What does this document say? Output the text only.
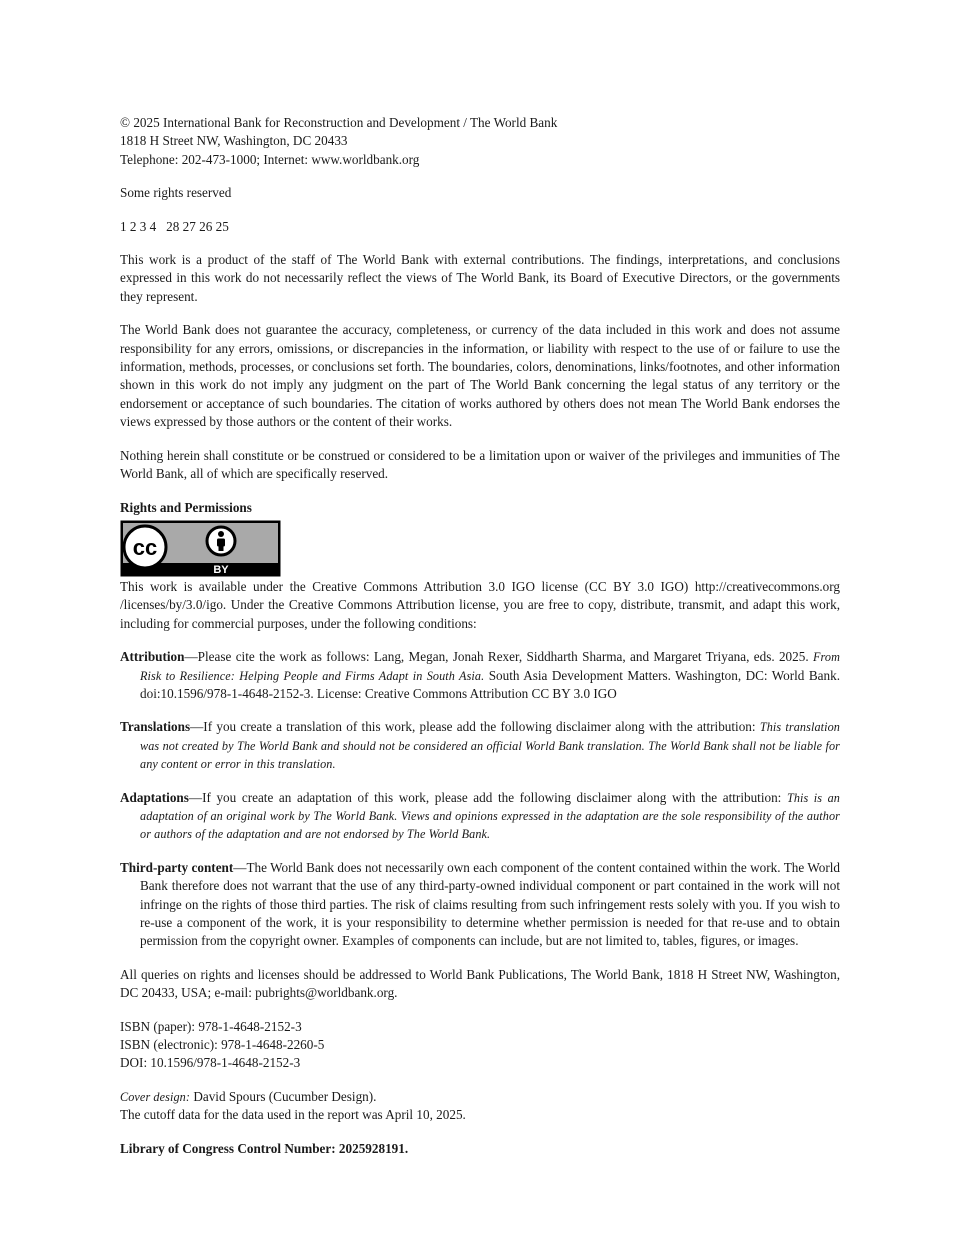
© 2025 International Bank for Reconstruction and Development / The World Bank
1818 H Street NW, Washington, DC 20433
Telephone: 202-473-1000; Internet: www.worldbank.org

Some rights reserved

1 2 3 4   28 27 26 25

This work is a product of the staff of The World Bank with external contributions. The findings, interpretations, and conclusions expressed in this work do not necessarily reflect the views of The World Bank, its Board of Executive Directors, or the governments they represent.

The World Bank does not guarantee the accuracy, completeness, or currency of the data included in this work and does not assume responsibility for any errors, omissions, or discrepancies in the information, or liability with respect to the use of or failure to use the information, methods, processes, or conclusions set forth. The boundaries, colors, denominations, links/footnotes, and other information shown in this work do not imply any judgment on the part of The World Bank concerning the legal status of any territory or the endorsement or acceptance of such boundaries. The citation of works authored by others does not mean The World Bank endorses the views expressed by those authors or the content of their works.

Nothing herein shall constitute or be construed or considered to be a limitation upon or waiver of the privileges and immunities of The World Bank, all of which are specifically reserved.

Rights and Permissions

cc
BY

This work is available under the Creative Commons Attribution 3.0 IGO license (CC BY 3.0 IGO) http://creativecommons.org /licenses/by/3.0/igo. Under the Creative Commons Attribution license, you are free to copy, distribute, transmit, and adapt this work, including for commercial purposes, under the following conditions:

Attribution—Please cite the work as follows: Lang, Megan, Jonah Rexer, Siddharth Sharma, and Margaret Triyana, eds. 2025. From Risk to Resilience: Helping People and Firms Adapt in South Asia. South Asia Development Matters. Washington, DC: World Bank. doi:10.1596/978-1-4648-2152-3. License: Creative Commons Attribution CC BY 3.0 IGO

Translations—If you create a translation of this work, please add the following disclaimer along with the attribution: This translation was not created by The World Bank and should not be considered an official World Bank translation. The World Bank shall not be liable for any content or error in this translation.

Adaptations—If you create an adaptation of this work, please add the following disclaimer along with the attribution: This is an adaptation of an original work by The World Bank. Views and opinions expressed in the adaptation are the sole responsibility of the author or authors of the adaptation and are not endorsed by The World Bank.

Third-party content—The World Bank does not necessarily own each component of the content contained within the work. The World Bank therefore does not warrant that the use of any third-party-owned individual component or part contained in the work will not infringe on the rights of those third parties. The risk of claims resulting from such infringement rests solely with you. If you wish to re-use a component of the work, it is your responsibility to determine whether permission is needed for that re-use and to obtain permission from the copyright owner. Examples of components can include, but are not limited to, tables, figures, or images.

All queries on rights and licenses should be addressed to World Bank Publications, The World Bank, 1818 H Street NW, Washington, DC 20433, USA; e-mail: pubrights@worldbank.org.

ISBN (paper): 978-1-4648-2152-3
ISBN (electronic): 978-1-4648-2260-5
DOI: 10.1596/978-1-4648-2152-3
Cover design: David Spours (Cucumber Design).
The cutoff data for the data used in the report was April 10, 2025.

Library of Congress Control Number: 2025928191.
